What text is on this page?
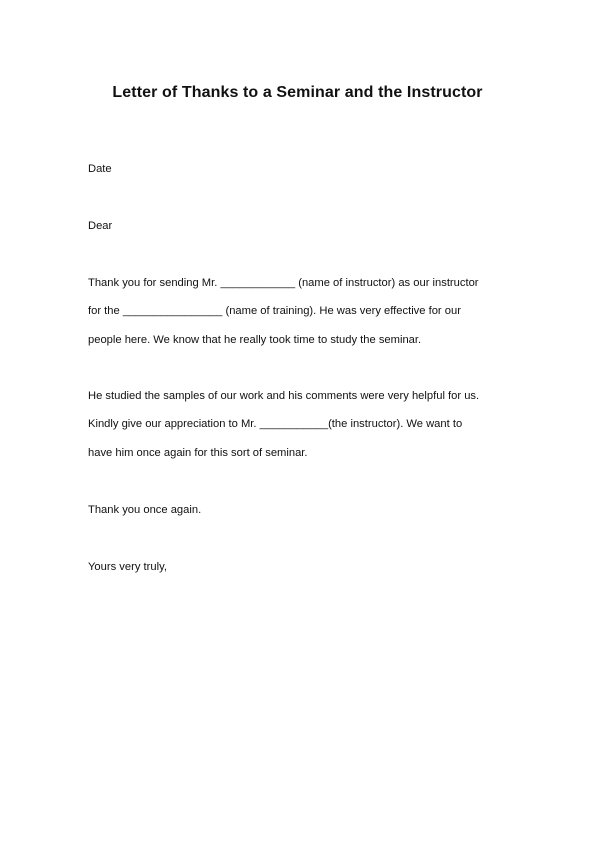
Letter of Thanks to a Seminar and the Instructor
Date
Dear
Thank you for sending Mr. ____________ (name of instructor) as our instructor
for the ________________ (name of training). He was very effective for our
people here. We know that he really took time to study the seminar.
He studied the samples of our work and his comments were very helpful for us.
Kindly give our appreciation to Mr. ___________(the instructor). We want to
have him once again for this sort of seminar.
Thank you once again.
Yours very truly,
